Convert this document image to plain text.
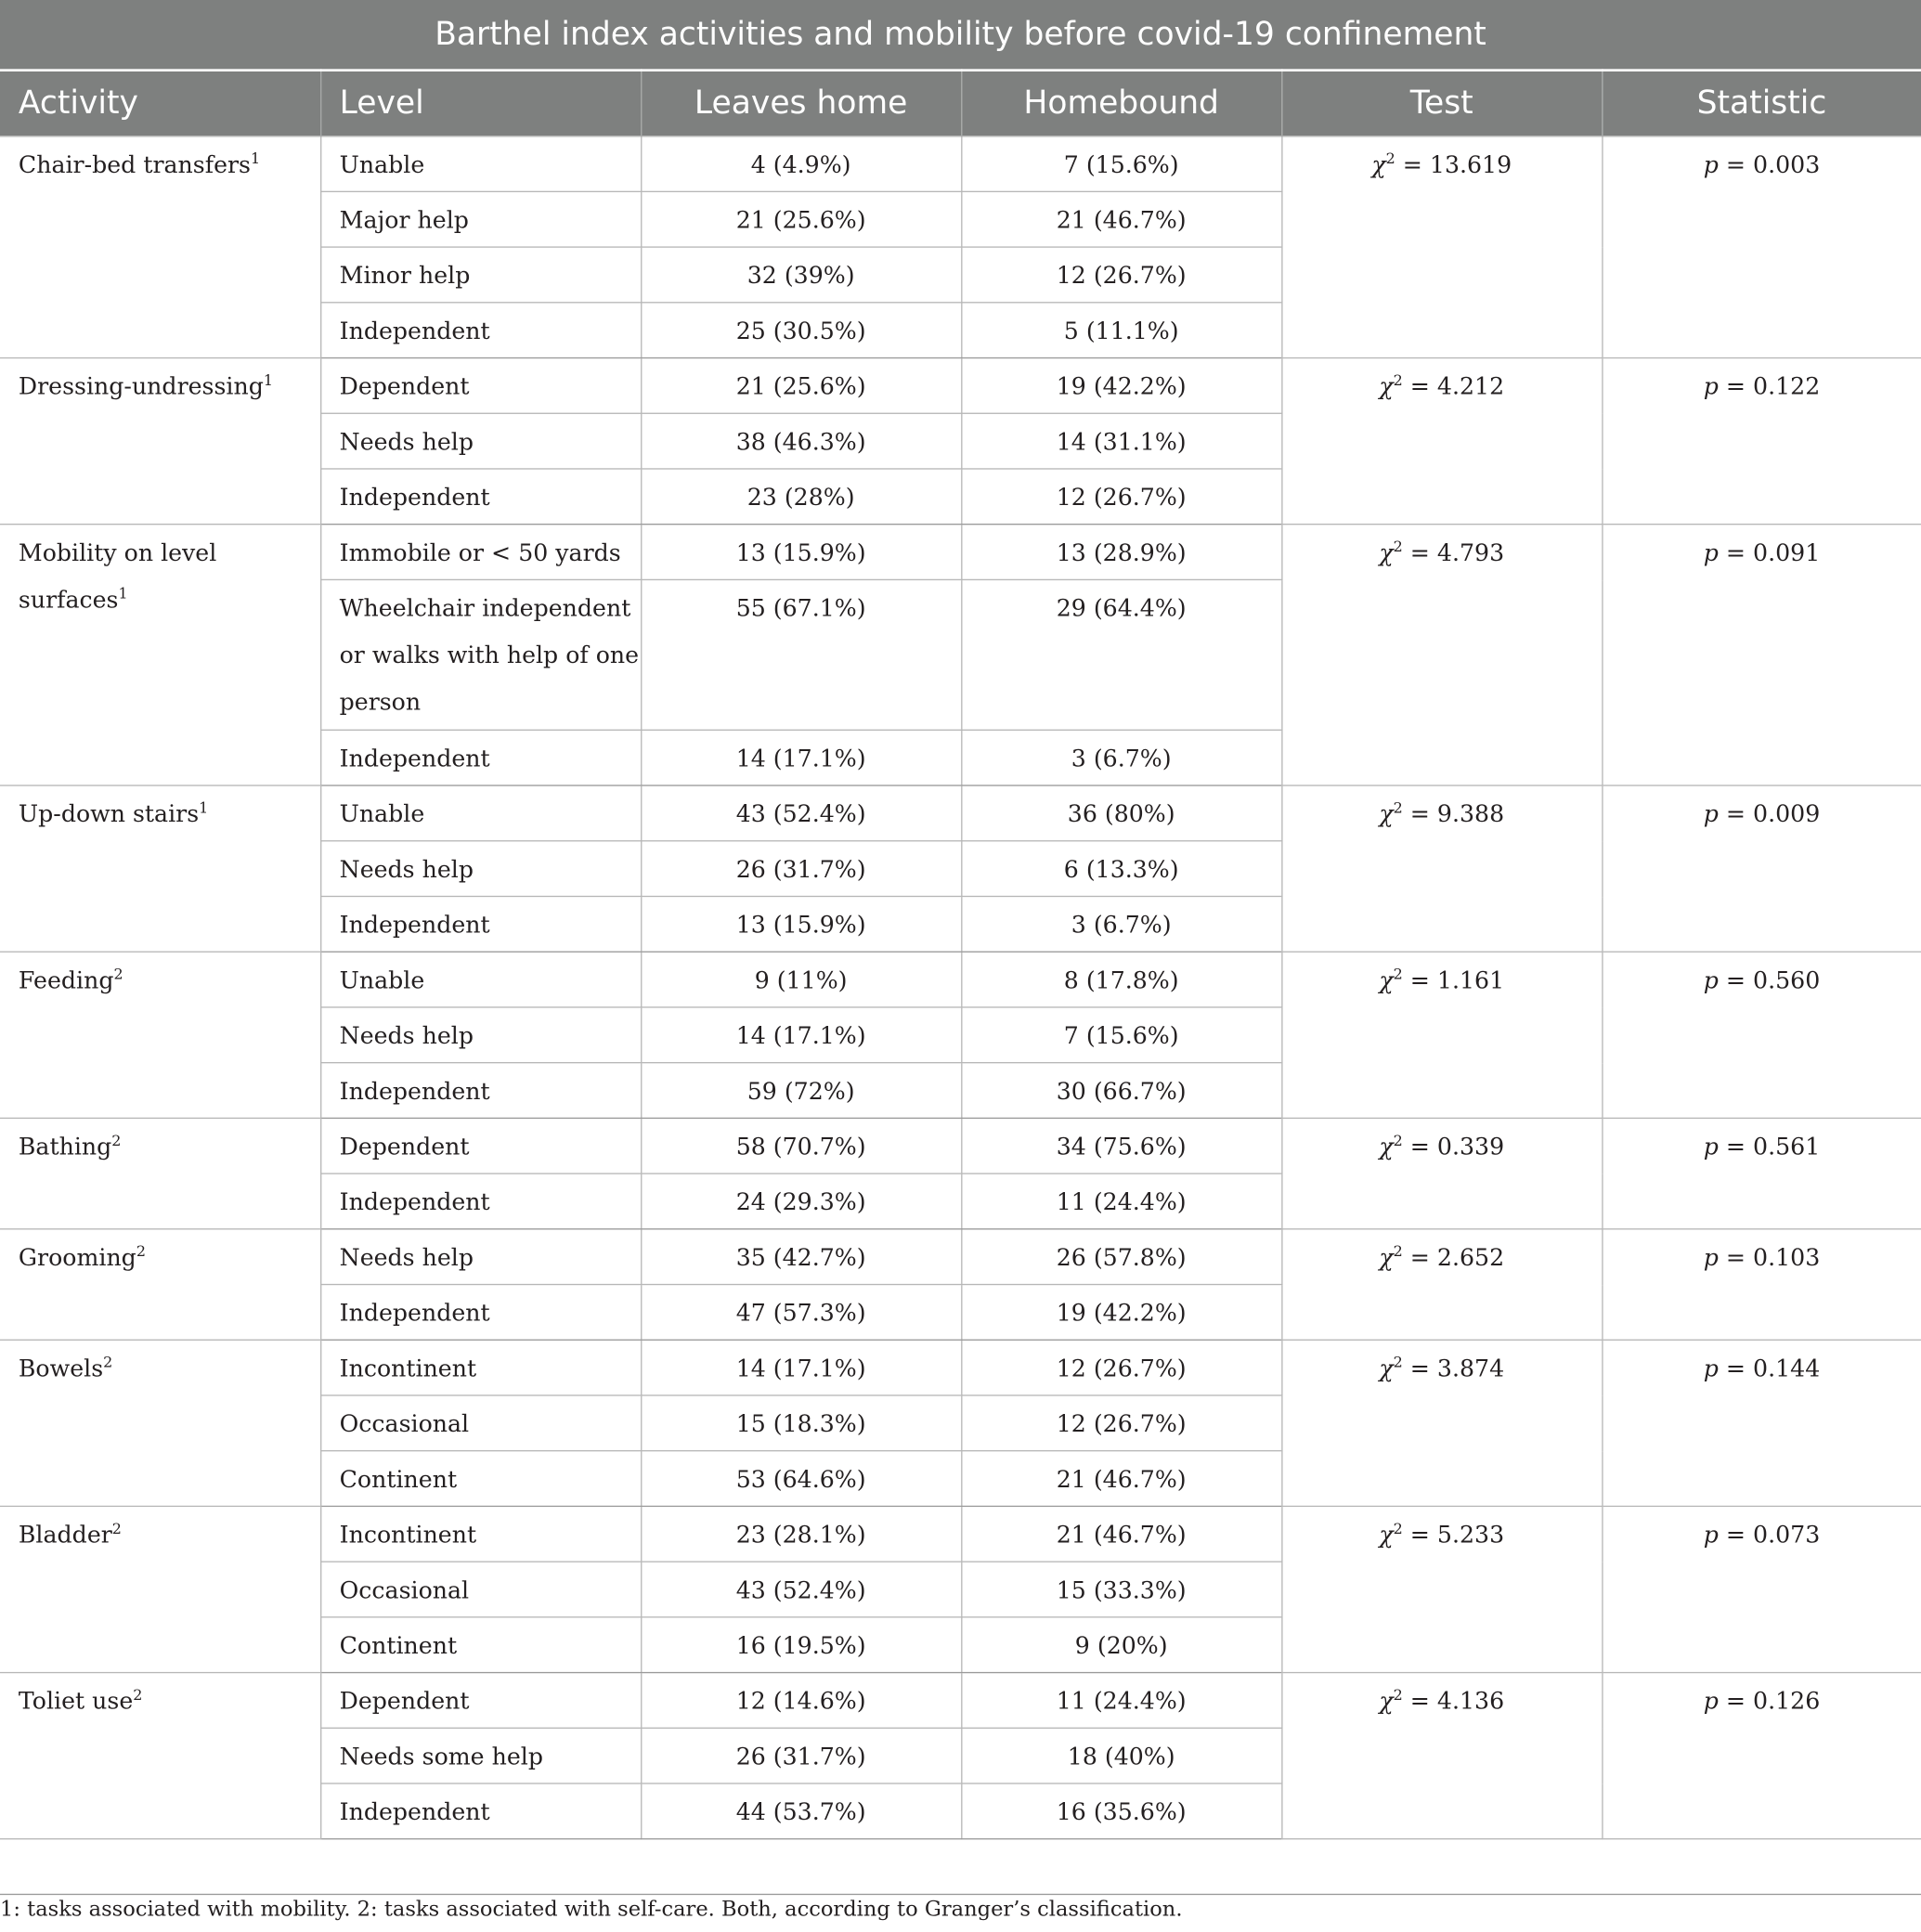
Barthel index activities and mobility before covid-19 confinement					
Activity	Level	Leaves home	Homebound	Test	Statistic
Chair-bed transfers$^1$	Unable	4 (4.9%)	7 (15.6%)	$\chi^2 = 13.619$	p = 0.003
	Major help	21 (25.6%)	21 (46.7%)		
	Minor help	32 (39%)	12 (26.7%)		
	Independent	25 (30.5%)	5 (11.1%)		
Dressing-undressing$^1$	Dependent	21 (25.6%)	19 (42.2%)	$\chi^2 = 4.212$	p = 0.122
	Needs help	38 (46.3%)	14 (31.1%)		
	Independent	23 (28%)	12 (26.7%)		
Mobility on level surfaces$^1$	Immobile or < 50 yards	13 (15.9%)	13 (28.9%)	$\chi^2 = 4.793$	p = 0.091
	Wheelchair independent or walks with help of one person	55 (67.1%)	29 (64.4%)		
	Independent	14 (17.1%)	3 (6.7%)		
Up-down stairs$^1$	Unable	43 (52.4%)	36 (80%)	$\chi^2 = 9.388$	p = 0.009
	Needs help	26 (31.7%)	6 (13.3%)		
	Independent	13 (15.9%)	3 (6.7%)		
Feeding$^2$	Unable	9 (11%)	8 (17.8%)	$\chi^2 = 1.161$	p = 0.560
	Needs help	14 (17.1%)	7 (15.6%)		
	Independent	59 (72%)	30 (66.7%)		
Bathing$^2$	Dependent	58 (70.7%)	34 (75.6%)	$\chi^2 = 0.339$	p = 0.561
	Independent	24 (29.3%)	11 (24.4%)		
Grooming$^2$	Needs help	35 (42.7%)	26 (57.8%)	$\chi^2 = 2.652$	p = 0.103
	Independent	47 (57.3%)	19 (42.2%)		
Bowels$^2$	Incontinent	14 (17.1%)	12 (26.7%)	$\chi^2 = 3.874$	p = 0.144
	Occasional	15 (18.3%)	12 (26.7%)		
	Continent	53 (64.6%)	21 (46.7%)		
Bladder$^2$	Incontinent	23 (28.1%)	21 (46.7%)	$\chi^2 = 5.233$	p = 0.073
	Occasional	43 (52.4%)	15 (33.3%)		
	Continent	16 (19.5%)	9 (20%)		
Toliet use$^2$	Dependent	12 (14.6%)	11 (24.4%)	$\chi^2 = 4.136$	p = 0.126
	Needs some help	26 (31.7%)	18 (40%)		
	Independent	44 (53.7%)	16 (35.6%)		
1: tasks associated with mobility. 2: tasks associated with self-care. Both, according to Granger’s classification.
